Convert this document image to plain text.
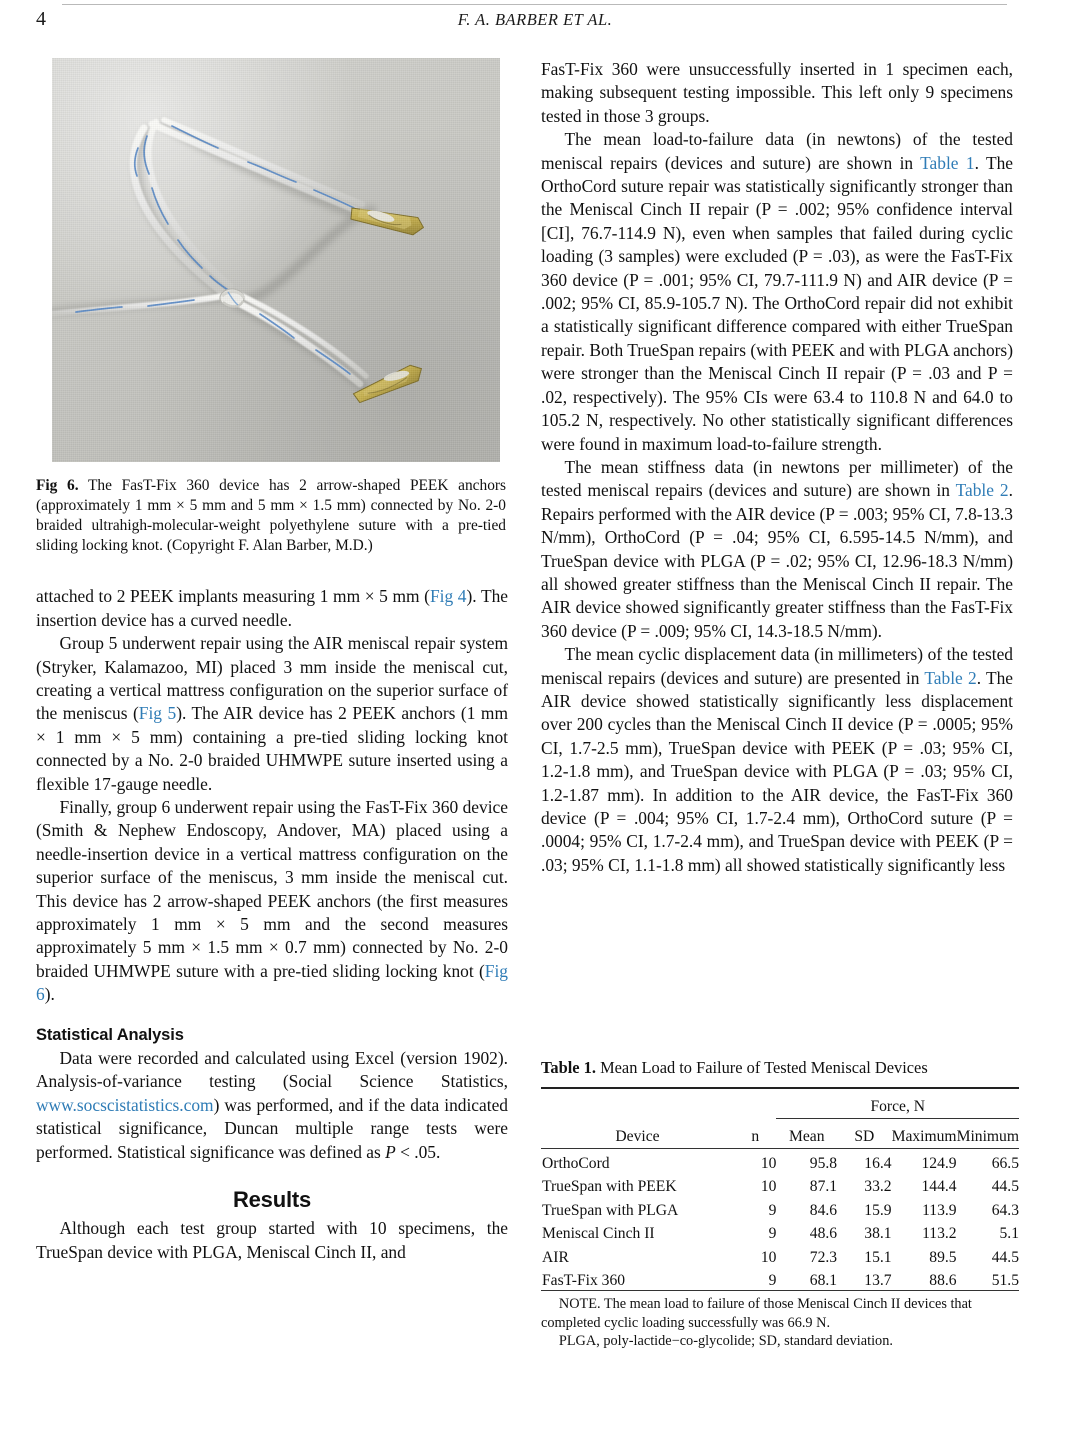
4	F. A. BARBER ET AL.
Fig 6. The FasT-Fix 360 device has 2 arrow-shaped PEEK anchors (approximately 1 mm × 5 mm and 5 mm × 1.5 mm) connected by No. 2-0 braided ultrahigh-molecular-weight polyethylene suture with a pre-tied sliding locking knot. (Copyright F. Alan Barber, M.D.)

attached to 2 PEEK implants measuring 1 mm × 5 mm (Fig 4). The insertion device has a curved needle.

Group 5 underwent repair using the AIR meniscal repair system (Stryker, Kalamazoo, MI) placed 3 mm inside the meniscal cut, creating a vertical mattress configuration on the superior surface of the meniscus (Fig 5). The AIR device has 2 PEEK anchors (1 mm × 1 mm × 5 mm) containing a pre-tied sliding locking knot connected by a No. 2-0 braided UHMWPE suture inserted using a flexible 17-gauge needle.

Finally, group 6 underwent repair using the FasT-Fix 360 device (Smith & Nephew Endoscopy, Andover, MA) placed using a needle-insertion device in a vertical mattress configuration on the superior surface of the meniscus, 3 mm inside the meniscal cut. This device has 2 arrow-shaped PEEK anchors (the first measures approximately 1 mm × 5 mm and the second measures approximately 5 mm × 1.5 mm × 0.7 mm) connected by No. 2-0 braided UHMWPE suture with a pre-tied sliding locking knot (Fig 6).

Statistical Analysis

Data were recorded and calculated using Excel (version 1902). Analysis-of-variance testing (Social Science Statistics, www.socscistatistics.com) was performed, and if the data indicated statistical significance, Duncan multiple range tests were performed. Statistical significance was defined as P < .05.

Results

Although each test group started with 10 specimens, the TrueSpan device with PLGA, Meniscal Cinch II, and

FasT-Fix 360 were unsuccessfully inserted in 1 specimen each, making subsequent testing impossible. This left only 9 specimens tested in those 3 groups.

The mean load-to-failure data (in newtons) of the tested meniscal repairs (devices and suture) are shown in Table 1. The OrthoCord suture repair was statistically significantly stronger than the Meniscal Cinch II repair (P = .002; 95% confidence interval [CI], 76.7-114.9 N), even when samples that failed during cyclic loading (3 samples) were excluded (P = .03), as were the FasT-Fix 360 device (P = .001; 95% CI, 79.7-111.9 N) and AIR device (P = .002; 95% CI, 85.9-105.7 N). The OrthoCord repair did not exhibit a statistically significant difference compared with either TrueSpan repair. Both TrueSpan repairs (with PEEK and with PLGA anchors) were stronger than the Meniscal Cinch II repair (P = .03 and P = .02, respectively). The 95% CIs were 63.4 to 110.8 N and 64.0 to 105.2 N, respectively. No other statistically significant differences were found in maximum load-to-failure strength.

The mean stiffness data (in newtons per millimeter) of the tested meniscal repairs (devices and suture) are shown in Table 2. Repairs performed with the AIR device (P = .003; 95% CI, 7.8-13.3 N/mm), OrthoCord (P = .04; 95% CI, 6.595-14.5 N/mm), and TrueSpan device with PLGA (P = .02; 95% CI, 12.96-18.3 N/mm) all showed greater stiffness than the Meniscal Cinch II repair. The AIR device showed significantly greater stiffness than the FasT-Fix 360 device (P = .009; 95% CI, 14.3-18.5 N/mm).

The mean cyclic displacement data (in millimeters) of the tested meniscal repairs (devices and suture) are presented in Table 2. The AIR device showed statistically significantly less displacement over 200 cycles than the Meniscal Cinch II device (P = .0005; 95% CI, 1.7-2.5 mm), TrueSpan device with PEEK (P = .03; 95% CI, 1.2-1.8 mm), and TrueSpan device with PLGA (P = .03; 95% CI, 1.2-1.87 mm). In addition to the AIR device, the FasT-Fix 360 device (P = .004; 95% CI, 1.7-2.4 mm), OrthoCord suture (P = .0004; 95% CI, 1.7-2.4 mm), and TrueSpan device with PEEK (P = .03; 95% CI, 1.1-1.8 mm) all showed statistically significantly less

Table 1. Mean Load to Failure of Tested Meniscal Devices
		Force, N			
Device	n	Mean	SD	Maximum	Minimum
OrthoCord	10	95.8	16.4	124.9	66.5
TrueSpan with PEEK	10	87.1	33.2	144.4	44.5
TrueSpan with PLGA	9	84.6	15.9	113.9	64.3
Meniscal Cinch II	9	48.6	38.1	113.2	5.1
AIR	10	72.3	15.1	89.5	44.5
FasT-Fix 360	9	68.1	13.7	88.6	51.5

NOTE. The mean load to failure of those Meniscal Cinch II devices that completed cyclic loading successfully was 66.9 N.

PLGA, poly-lactide−co-glycolide; SD, standard deviation.
